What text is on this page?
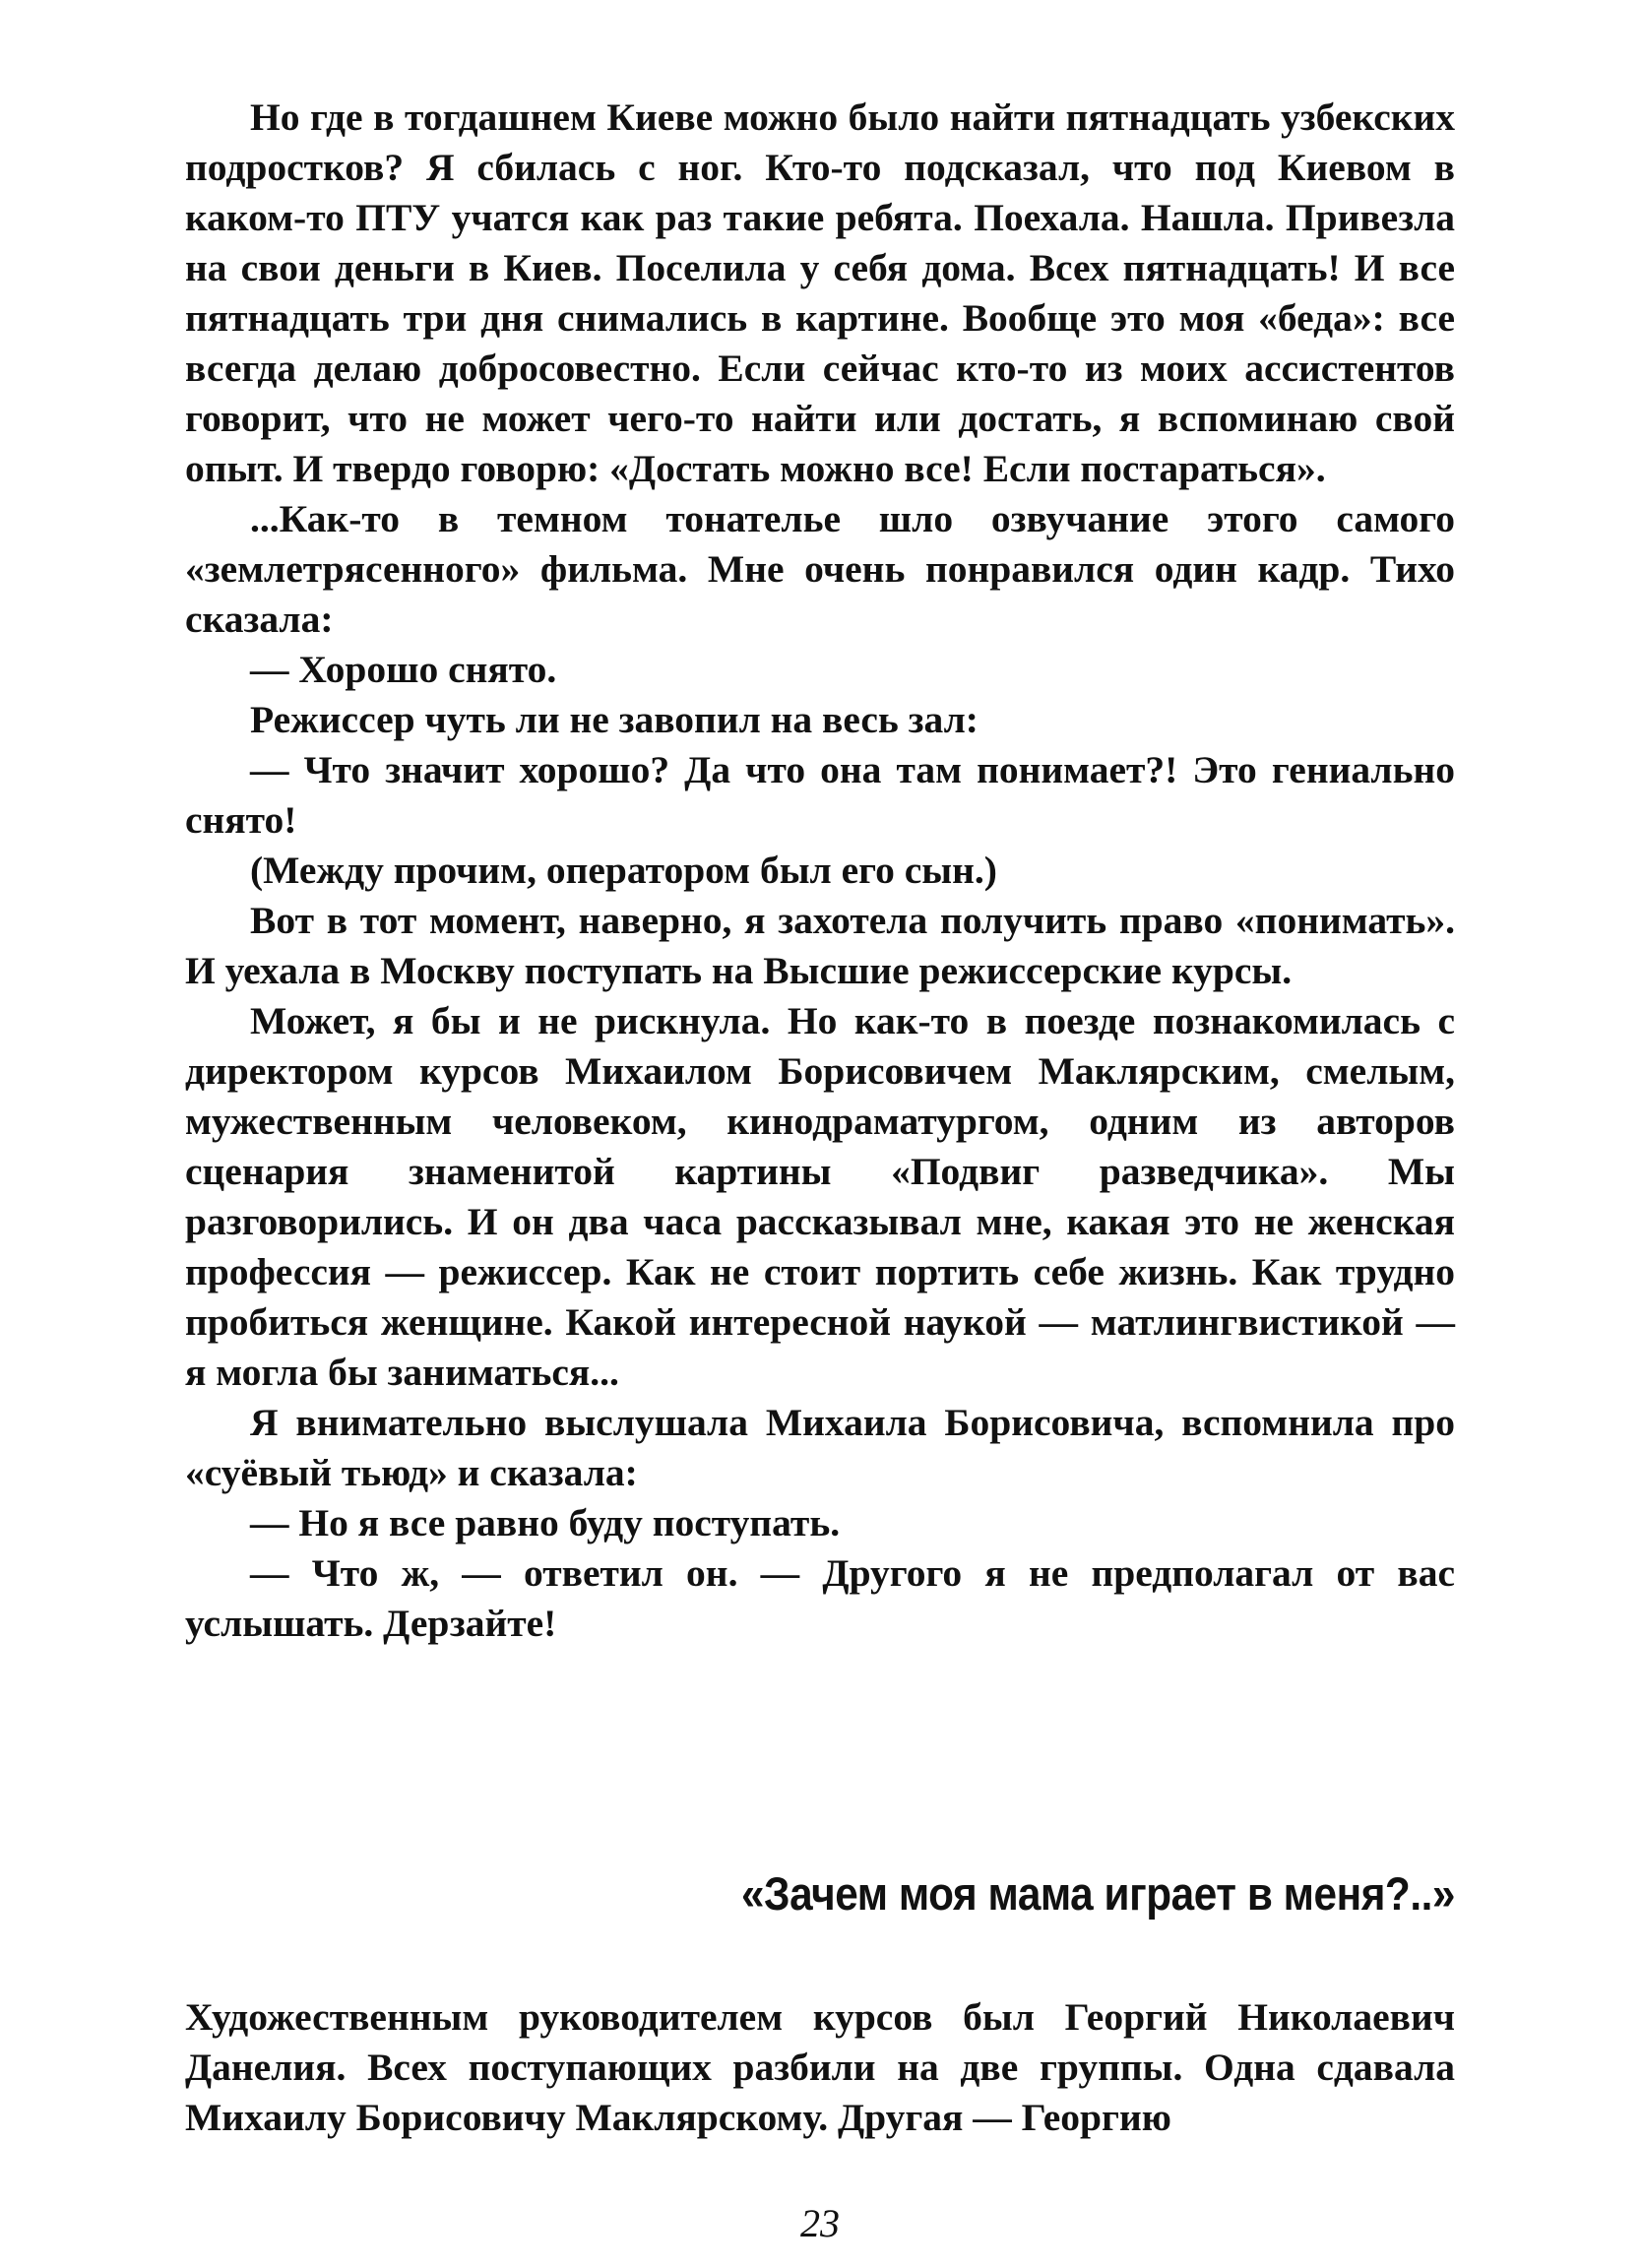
Но где в тогдашнем Киеве можно было найти пятнадцать узбекских подростков? Я сбилась с ног. Кто-то подсказал, что под Киевом в каком-то ПТУ учатся как раз такие ребята. Поехала. Нашла. Привезла на свои деньги в Киев. Поселила у себя дома. Всех пятнадцать! И все пятнадцать три дня снимались в картине. Вообще это моя «беда»: все всегда делаю добросовестно. Если сейчас кто-то из моих ассистентов говорит, что не может чего-то найти или достать, я вспоминаю свой опыт. И твердо говорю: «Достать можно все! Если постараться».

...Как-то в темном тонателье шло озвучание этого самого «землетрясенного» фильма. Мне очень понравился один кадр. Тихо сказала:

— Хорошо снято.

Режиссер чуть ли не завопил на весь зал:

— Что значит хорошо? Да что она там понимает?! Это гениально снято!

(Между прочим, оператором был его сын.)

Вот в тот момент, наверно, я захотела получить право «понимать». И уехала в Москву поступать на Высшие режиссерские курсы.

Может, я бы и не рискнула. Но как-то в поезде познакомилась с директором курсов Михаилом Борисовичем Маклярским, смелым, мужественным человеком, кинодраматургом, одним из авторов сценария знаменитой картины «Подвиг разведчика». Мы разговорились. И он два часа рассказывал мне, какая это не женская профессия — режиссер. Как не стоит портить себе жизнь. Как трудно пробиться женщине. Какой интересной наукой — матлингвистикой — я могла бы заниматься...

Я внимательно выслушала Михаила Борисовича, вспомнила про «суёвый тьюд» и сказала:

— Но я все равно буду поступать.

— Что ж, — ответил он. — Другого я не предполагал от вас услышать. Дерзайте!

«Зачем моя мама играет в меня?..»

Художественным руководителем курсов был Георгий Николаевич Данелия. Всех поступающих разбили на две группы. Одна сдавала Михаилу Борисовичу Маклярскому. Другая — Георгию

23
